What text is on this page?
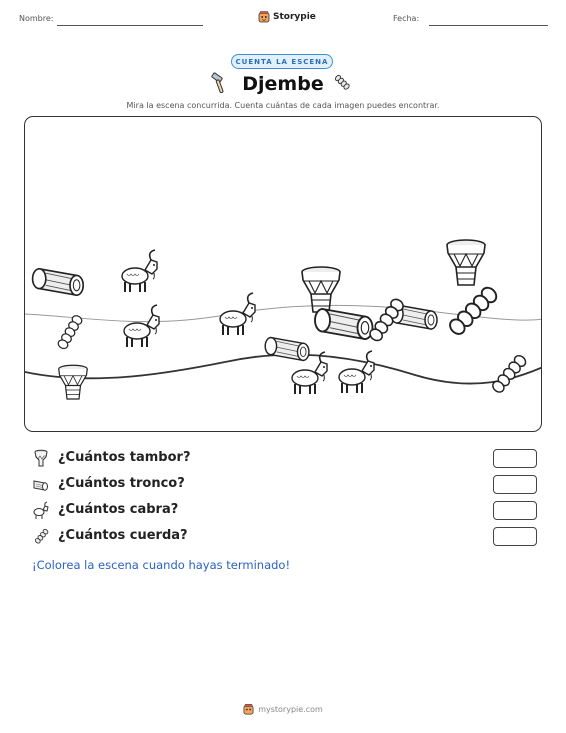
Nombre:	Storypie	Fecha:
CUENTA LA ESCENA
Djembe
Mira la escena concurrida. Cuenta cuántas de cada imagen puedes encontrar.
¿Cuántos tambor?
¿Cuántos tronco?
¿Cuántos cabra?
¿Cuántos cuerda?
¡Colorea la escena cuando hayas terminado!
mystorypie.com
